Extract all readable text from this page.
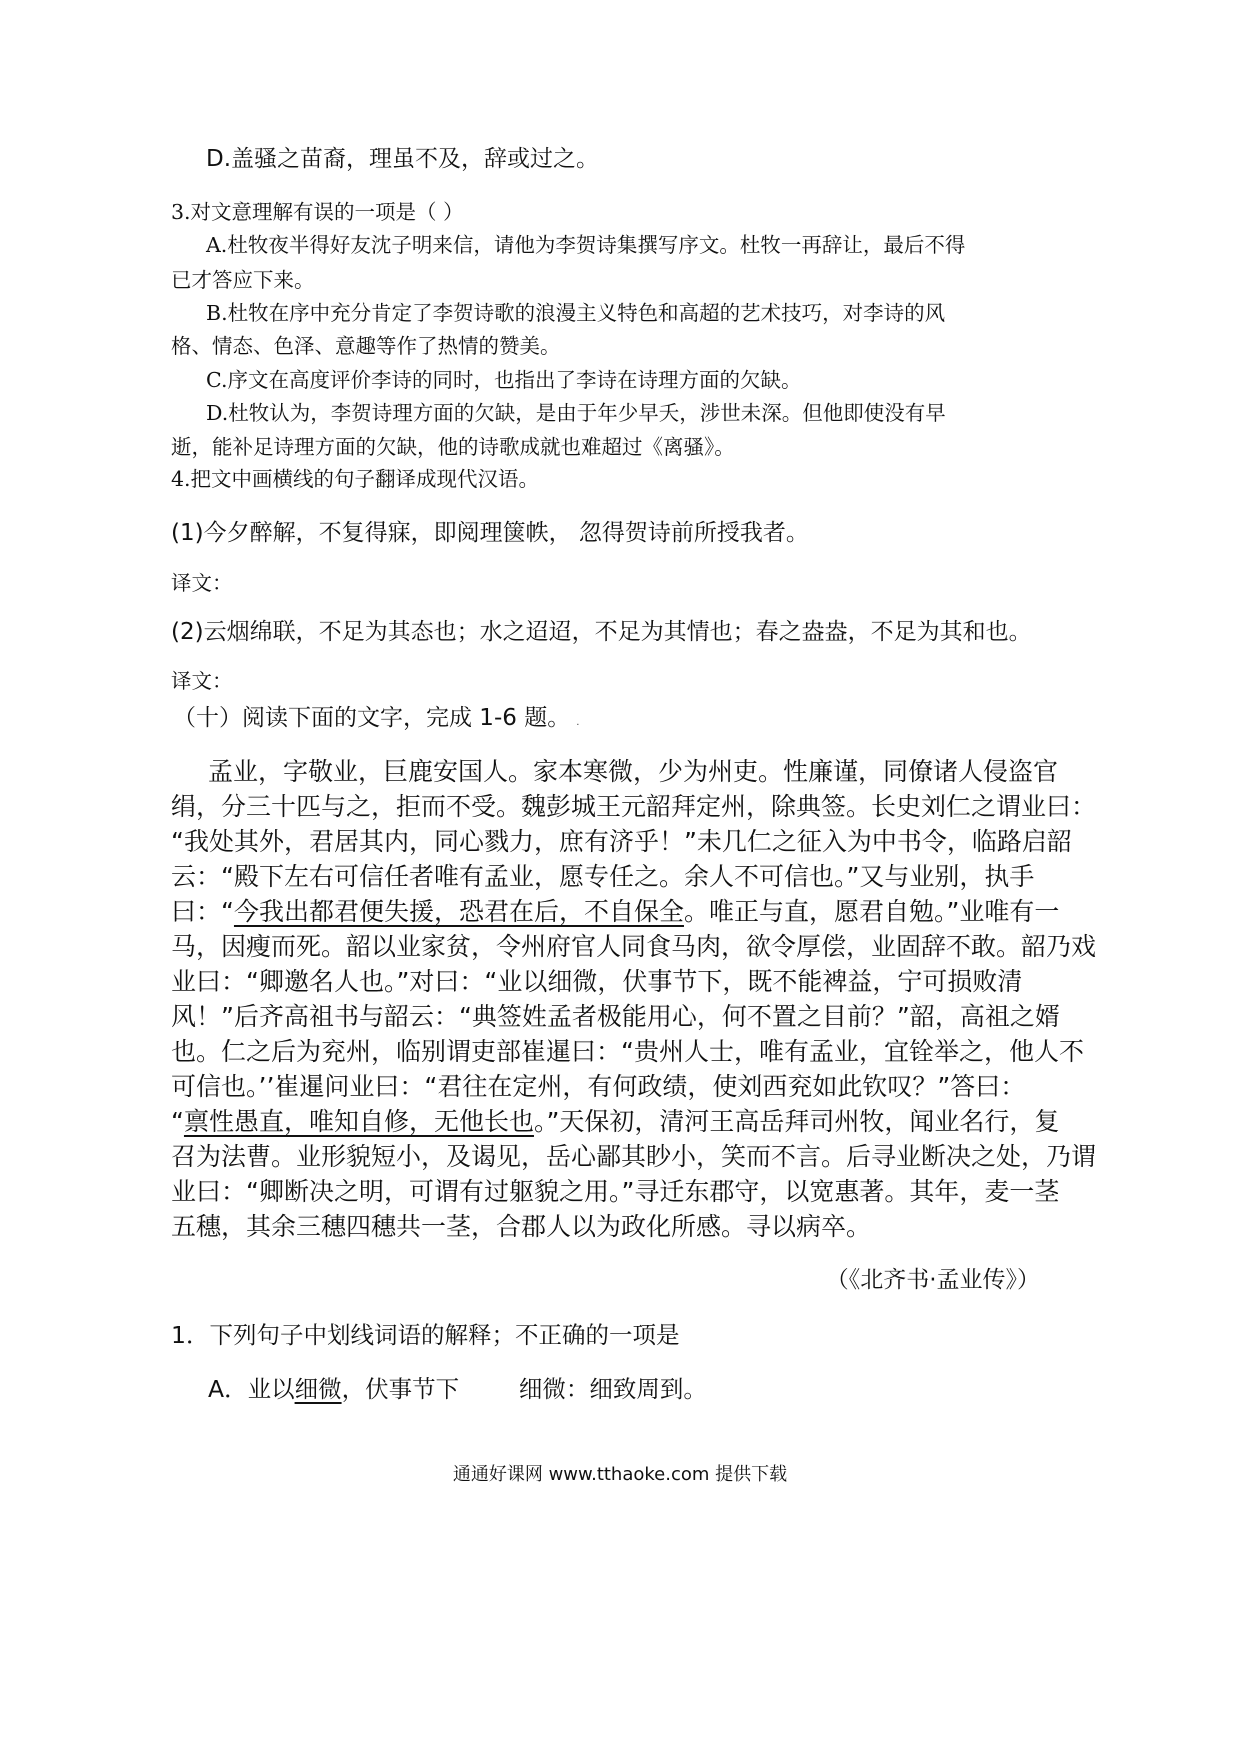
D.盖骚之苗裔，理虽不及，辞或过之。
3.对文意理解有误的一项是（ ）
A.杜牧夜半得好友沈子明来信，请他为李贺诗集撰写序文。杜牧一再辞让，最后不得
已才答应下来。
B.杜牧在序中充分肯定了李贺诗歌的浪漫主义特色和高超的艺术技巧，对李诗的风
格、情态、色泽、意趣等作了热情的赞美。
C.序文在高度评价李诗的同时，也指出了李诗在诗理方面的欠缺。
D.杜牧认为，李贺诗理方面的欠缺，是由于年少早夭，涉世未深。但他即使没有早
逝，能补足诗理方面的欠缺，他的诗歌成就也难超过《离骚》。
4.把文中画横线的句子翻译成现代汉语。
(1)今夕醉解，不复得寐，即阅理箧帙， 忽得贺诗前所授我者。
译文：
(2)云烟绵联，不足为其态也；水之迢迢，不足为其情也；春之盎盎，不足为其和也。
译文：
（十）阅读下面的文字，完成 1-6 题。 .
孟业，字敬业，巨鹿安国人。家本寒微，少为州吏。性廉谨，同僚诸人侵盗官
绢，分三十匹与之，拒而不受。魏彭城王元韶拜定州，除典签。长史刘仁之谓业曰：
“我处其外，君居其内，同心戮力，庶有济乎！”未几仁之征入为中书令，临路启韶
云：“殿下左右可信任者唯有孟业，愿专任之。余人不可信也。”又与业别，执手
曰：“今我出都君便失援，恐君在后，不自保全。唯正与直，愿君自勉。”业唯有一
马，因瘦而死。韶以业家贫，令州府官人同食马肉，欲令厚偿，业固辞不敢。韶乃戏
业曰：“卿邀名人也。”对曰：“业以细微，伏事节下，既不能裨益，宁可损败清
风！”后齐高祖书与韶云：“典签姓孟者极能用心，何不置之目前？”韶，高祖之婿
也。仁之后为兖州，临别谓吏部崔暹曰：“贵州人士，唯有孟业，宜铨举之，他人不
可信也。’’崔暹问业曰：“君往在定州，有何政绩，使刘西兖如此钦叹？”答曰：
“禀性愚直，唯知自修，无他长也。”天保初，清河王高岳拜司州牧，闻业名行，复
召为法曹。业形貌短小，及谒见，岳心鄙其眇小，笑而不言。后寻业断决之处，乃谓
业曰：“卿断决之明，可谓有过躯貌之用。”寻迁东郡守，以宽惠著。其年，麦一茎
五穗，其余三穗四穗共一茎，合郡人以为政化所感。寻以病卒。
（《北齐书·孟业传》）
1．下列句子中划线词语的解释；不正确的一项是
A．业以细微，伏事节下        细微：细致周到。
通通好课网 www.tthaoke.com 提供下载
